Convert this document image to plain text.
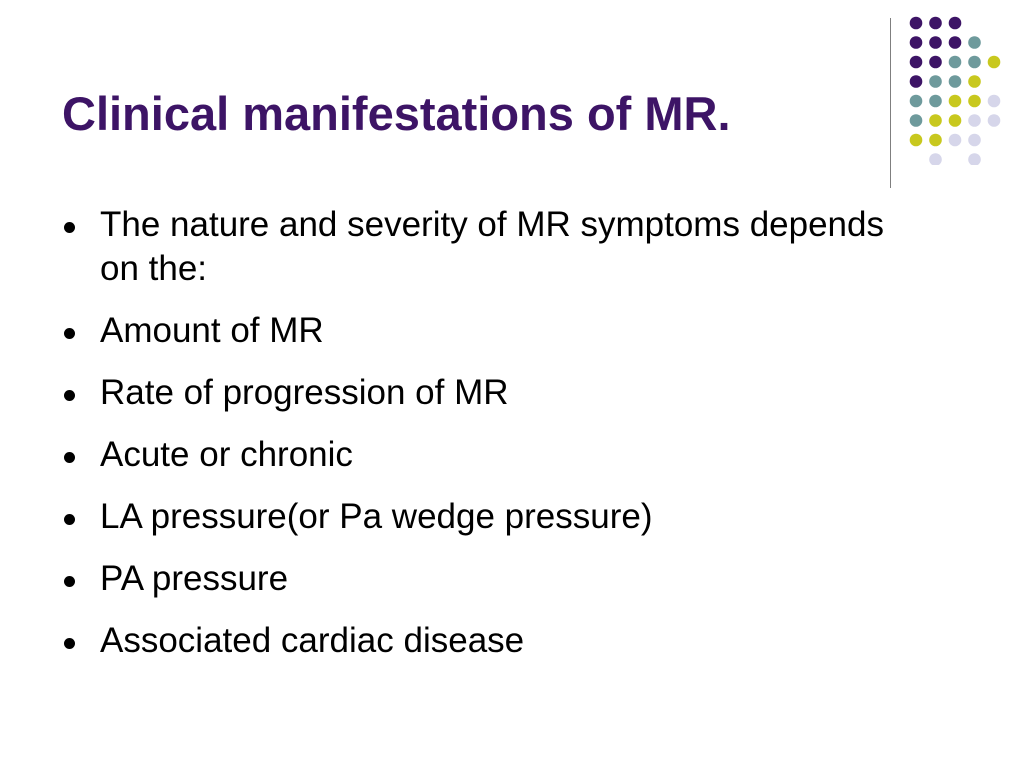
Clinical manifestations of MR.
The nature and severity of MR symptoms depends on the:
Amount of MR
Rate of progression of MR
Acute or chronic
LA pressure(or Pa wedge pressure)
PA pressure
Associated cardiac disease
